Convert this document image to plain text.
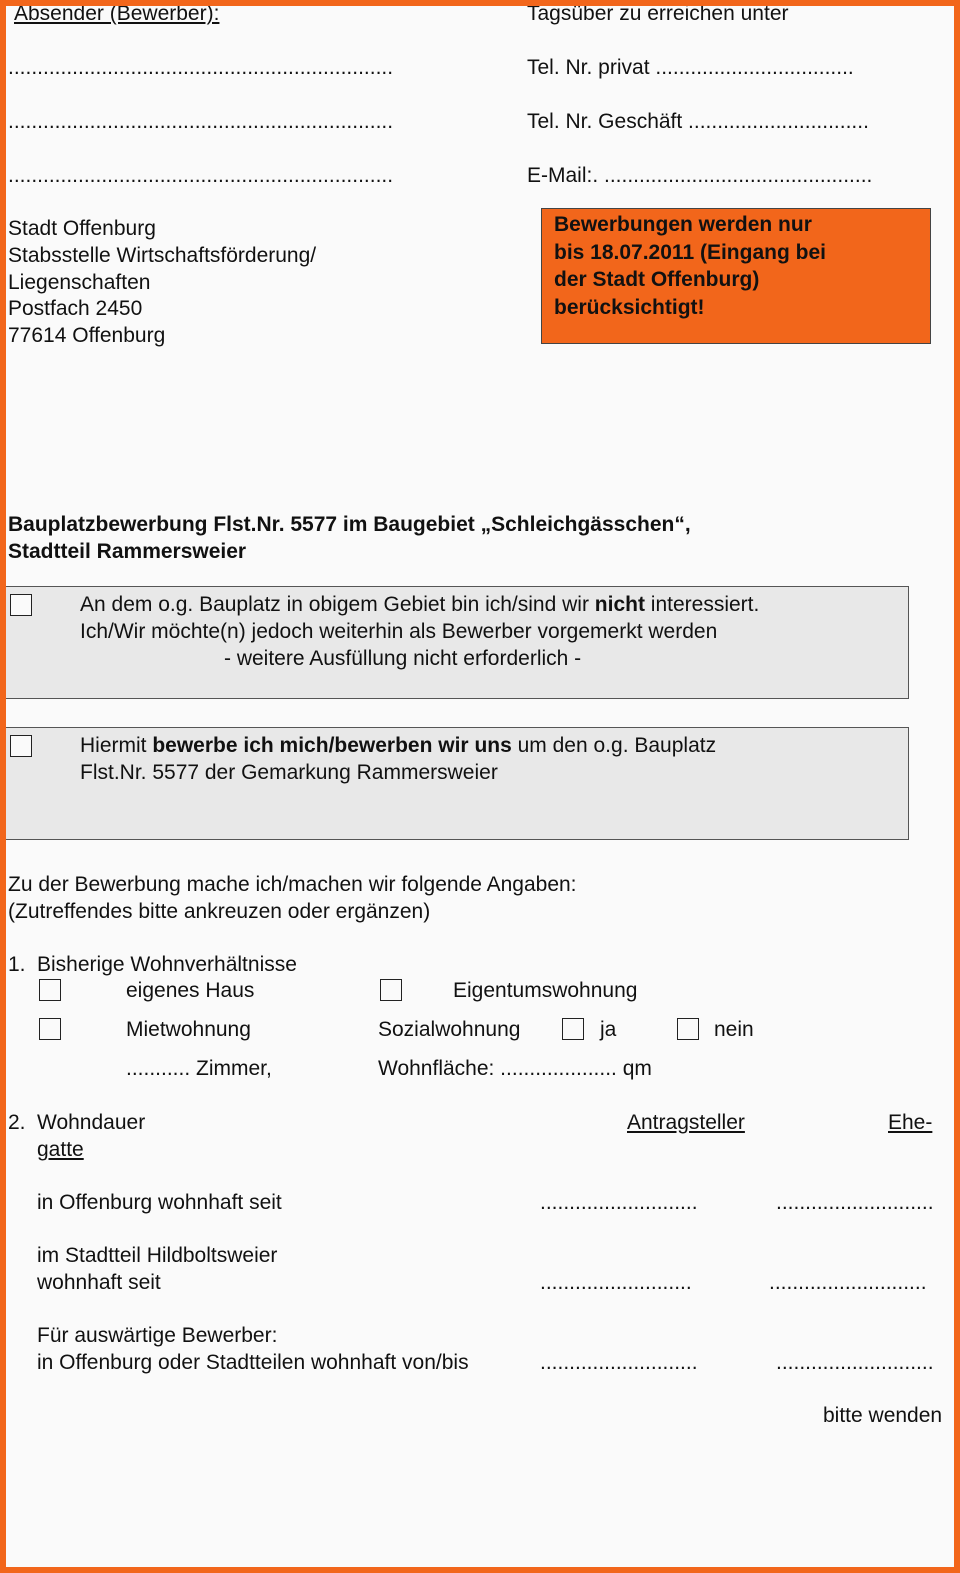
Absender (Bewerber):	Tagsüber zu erreichen unter
..................................................................
..................................................................
..................................................................
Tel. Nr. privat ..................................
Tel. Nr. Geschäft ...............................
E-Mail:. ..............................................
Stadt Offenburg
Stabsstelle Wirtschaftsförderung/
Liegenschaften
Postfach 2450
77614 Offenburg
Bewerbungen werden nur
bis 18.07.2011 (Eingang bei
der Stadt Offenburg)
berücksichtigt!
Bauplatzbewerbung Flst.Nr. 5577 im Baugebiet „Schleichgässchen“,
Stadtteil Rammersweier
An dem o.g. Bauplatz in obigem Gebiet bin ich/sind wir nicht interessiert.
Ich/Wir möchte(n) jedoch weiterhin als Bewerber vorgemerkt werden
- weitere Ausfüllung nicht erforderlich -
Hiermit bewerbe ich mich/bewerben wir uns um den o.g. Bauplatz
Flst.Nr. 5577 der Gemarkung Rammersweier
Zu der Bewerbung mache ich/machen wir folgende Angaben:
(Zutreffendes bitte ankreuzen oder ergänzen)
1. Bisherige Wohnverhältnisse
eigenes Haus	Eigentumswohnung
Mietwohnung	Sozialwohnung	ja	nein
........... Zimmer,	Wohnfläche: .................... qm
2. Wohndauer	Antragsteller	Ehe-
gatte
in Offenburg wohnhaft seit	...........................	...........................
im Stadtteil Hildboltsweier
wohnhaft seit	..........................	...........................
Für auswärtige Bewerber:
in Offenburg oder Stadtteilen wohnhaft von/bis	...........................	...........................
bitte wenden
